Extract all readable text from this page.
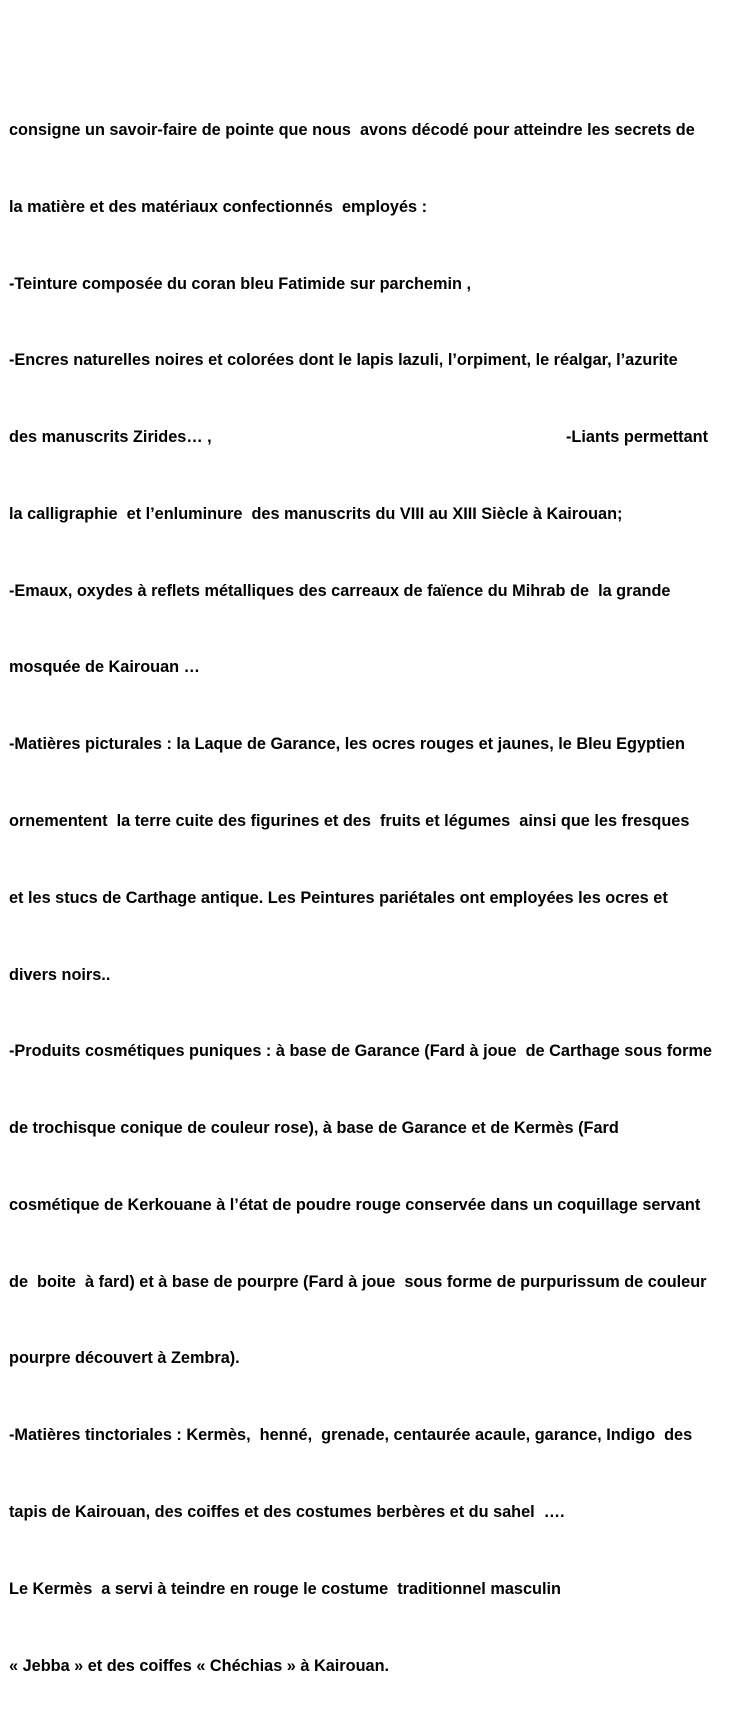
consigne un savoir-faire de pointe que nous  avons décodé pour atteindre les secrets de

la matière et des matériaux confectionnés  employés :

-Teinture composée du coran bleu Fatimide sur parchemin ,

-Encres naturelles noires et colorées dont le lapis lazuli, l’orpiment, le réalgar, l’azurite

des manuscrits Zirides… ,	-Liants permettant

la calligraphie  et l’enluminure  des manuscrits du VIII au XIII Siècle à Kairouan;

-Emaux, oxydes à reflets métalliques des carreaux de faïence du Mihrab de  la grande

mosquée de Kairouan …

-Matières picturales : la Laque de Garance, les ocres rouges et jaunes, le Bleu Egyptien

ornementent  la terre cuite des figurines et des  fruits et légumes  ainsi que les fresques

et les stucs de Carthage antique. Les Peintures pariétales ont employées les ocres et

divers noirs..

-Produits cosmétiques puniques : à base de Garance (Fard à joue  de Carthage sous forme

de trochisque conique de couleur rose), à base de Garance et de Kermès (Fard

cosmétique de Kerkouane à l’état de poudre rouge conservée dans un coquillage servant

de  boite  à fard) et à base de pourpre (Fard à joue  sous forme de purpurissum de couleur

pourpre découvert à Zembra).

-Matières tinctoriales : Kermès,  henné,  grenade, centaurée acaule, garance, Indigo  des

tapis de Kairouan, des coiffes et des costumes berbères et du sahel  ….

Le Kermès  a servi à teindre en rouge le costume  traditionnel masculin

« Jebba » et des coiffes « Chéchias » à Kairouan.
